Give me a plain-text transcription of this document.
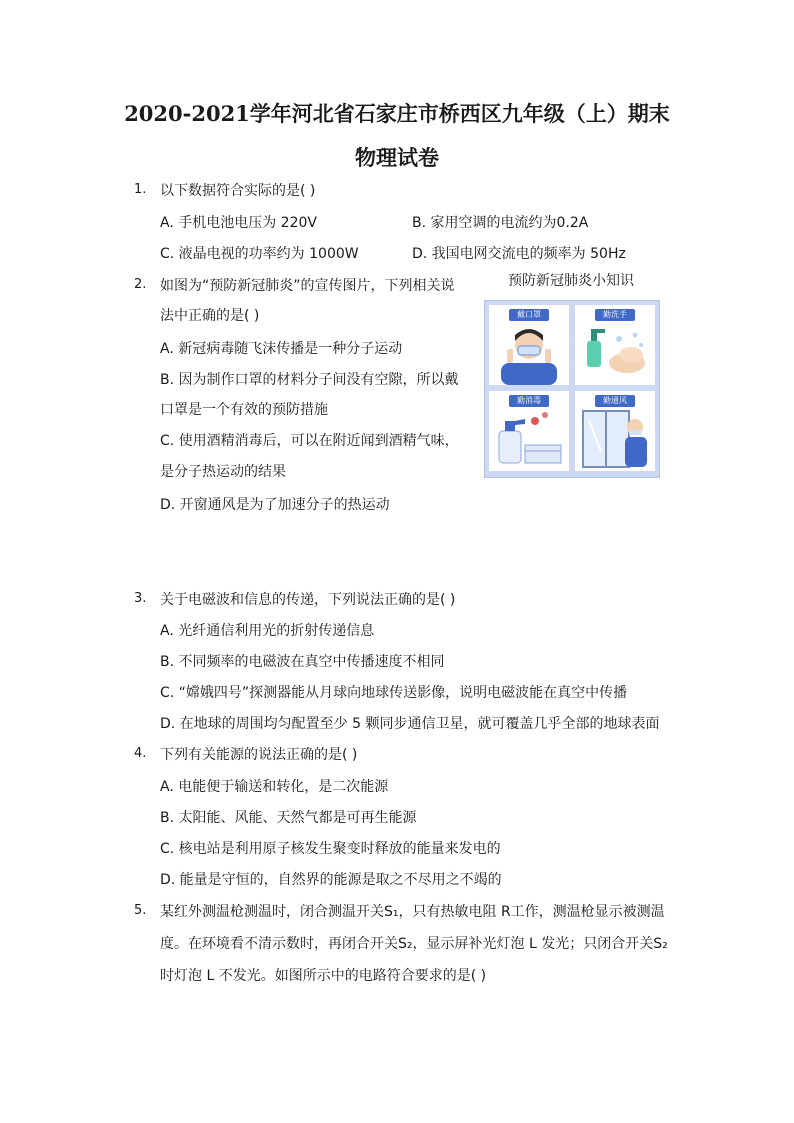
2020-2021学年河北省石家庄市桥西区九年级（上）期末
物理试卷
1. 以下数据符合实际的是( )
A. 手机电池电压为 220V	B. 家用空调的电流约为0.2A
C. 液晶电视的功率约为 1000W	D. 我国电网交流电的频率为 50Hz
2. 如图为“预防新冠肺炎”的宣传图片，下列相关说
法中正确的是( )
A. 新冠病毒随飞沫传播是一种分子运动
B. 因为制作口罩的材料分子间没有空隙，所以戴
口罩是一个有效的预防措施
C. 使用酒精消毒后，可以在附近闻到酒精气味，
是分子热运动的结果
D. 开窗通风是为了加速分子的热运动
预防新冠肺炎小知识
戴口罩	勤洗手
勤消毒	勤通风
3. 关于电磁波和信息的传递，下列说法正确的是( )
A. 光纤通信利用光的折射传递信息
B. 不同频率的电磁波在真空中传播速度不相同
C. “嫦娥四号”探测器能从月球向地球传送影像，说明电磁波能在真空中传播
D. 在地球的周围均匀配置至少 5 颗同步通信卫星，就可覆盖几乎全部的地球表面
4. 下列有关能源的说法正确的是( )
A. 电能便于输送和转化，是二次能源
B. 太阳能、风能、天然气都是可再生能源
C. 核电站是利用原子核发生聚变时释放的能量来发电的
D. 能量是守恒的，自然界的能源是取之不尽用之不竭的
5. 某红外测温枪测温时，闭合测温开关S₁，只有热敏电阻 R工作，测温枪显示被测温
度。在环境看不清示数时，再闭合开关S₂，显示屏补光灯泡 L 发光；只闭合开关S₂
时灯泡 L 不发光。如图所示中的电路符合要求的是( )
